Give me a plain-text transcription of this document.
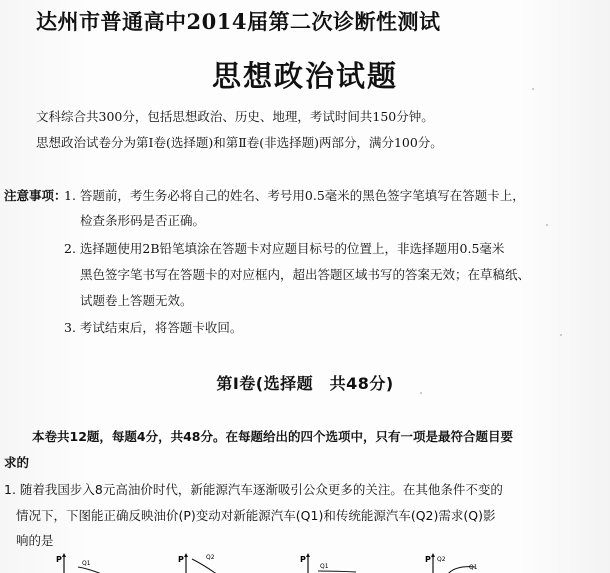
达州市普通高中2014届第二次诊断性测试
思想政治试题
文科综合共300分，包括思想政治、历史、地理，考试时间共150分钟。
思想政治试卷分为第Ⅰ卷(选择题)和第Ⅱ卷(非选择题)两部分，满分100分。
注意事项：
1. 答题前，考生务必将自己的姓名、考号用0.5毫米的黑色签字笔填写在答题卡上，
检查条形码是否正确。
2. 选择题使用2B铅笔填涂在答题卡对应题目标号的位置上，非选择题用0.5毫米
黑色签字笔书写在答题卡的对应框内，超出答题区域书写的答案无效；在草稿纸、
试题卷上答题无效。
3. 考试结束后，将答题卡收回。
第Ⅰ卷(选择题　共48分)
本卷共12题，每题4分，共48分。在每题给出的四个选项中，只有一项是最符合题目要
求的
1. 随着我国步入8元高油价时代，新能源汽车逐渐吸引公众更多的关注。在其他条件不变的
情况下，下图能正确反映油价(P)变动对新能源汽车(Q1)和传统能源汽车(Q2)需求(Q)影
响的是
P	Q1	P	Q2	P
Q1
P Q2
Q1
